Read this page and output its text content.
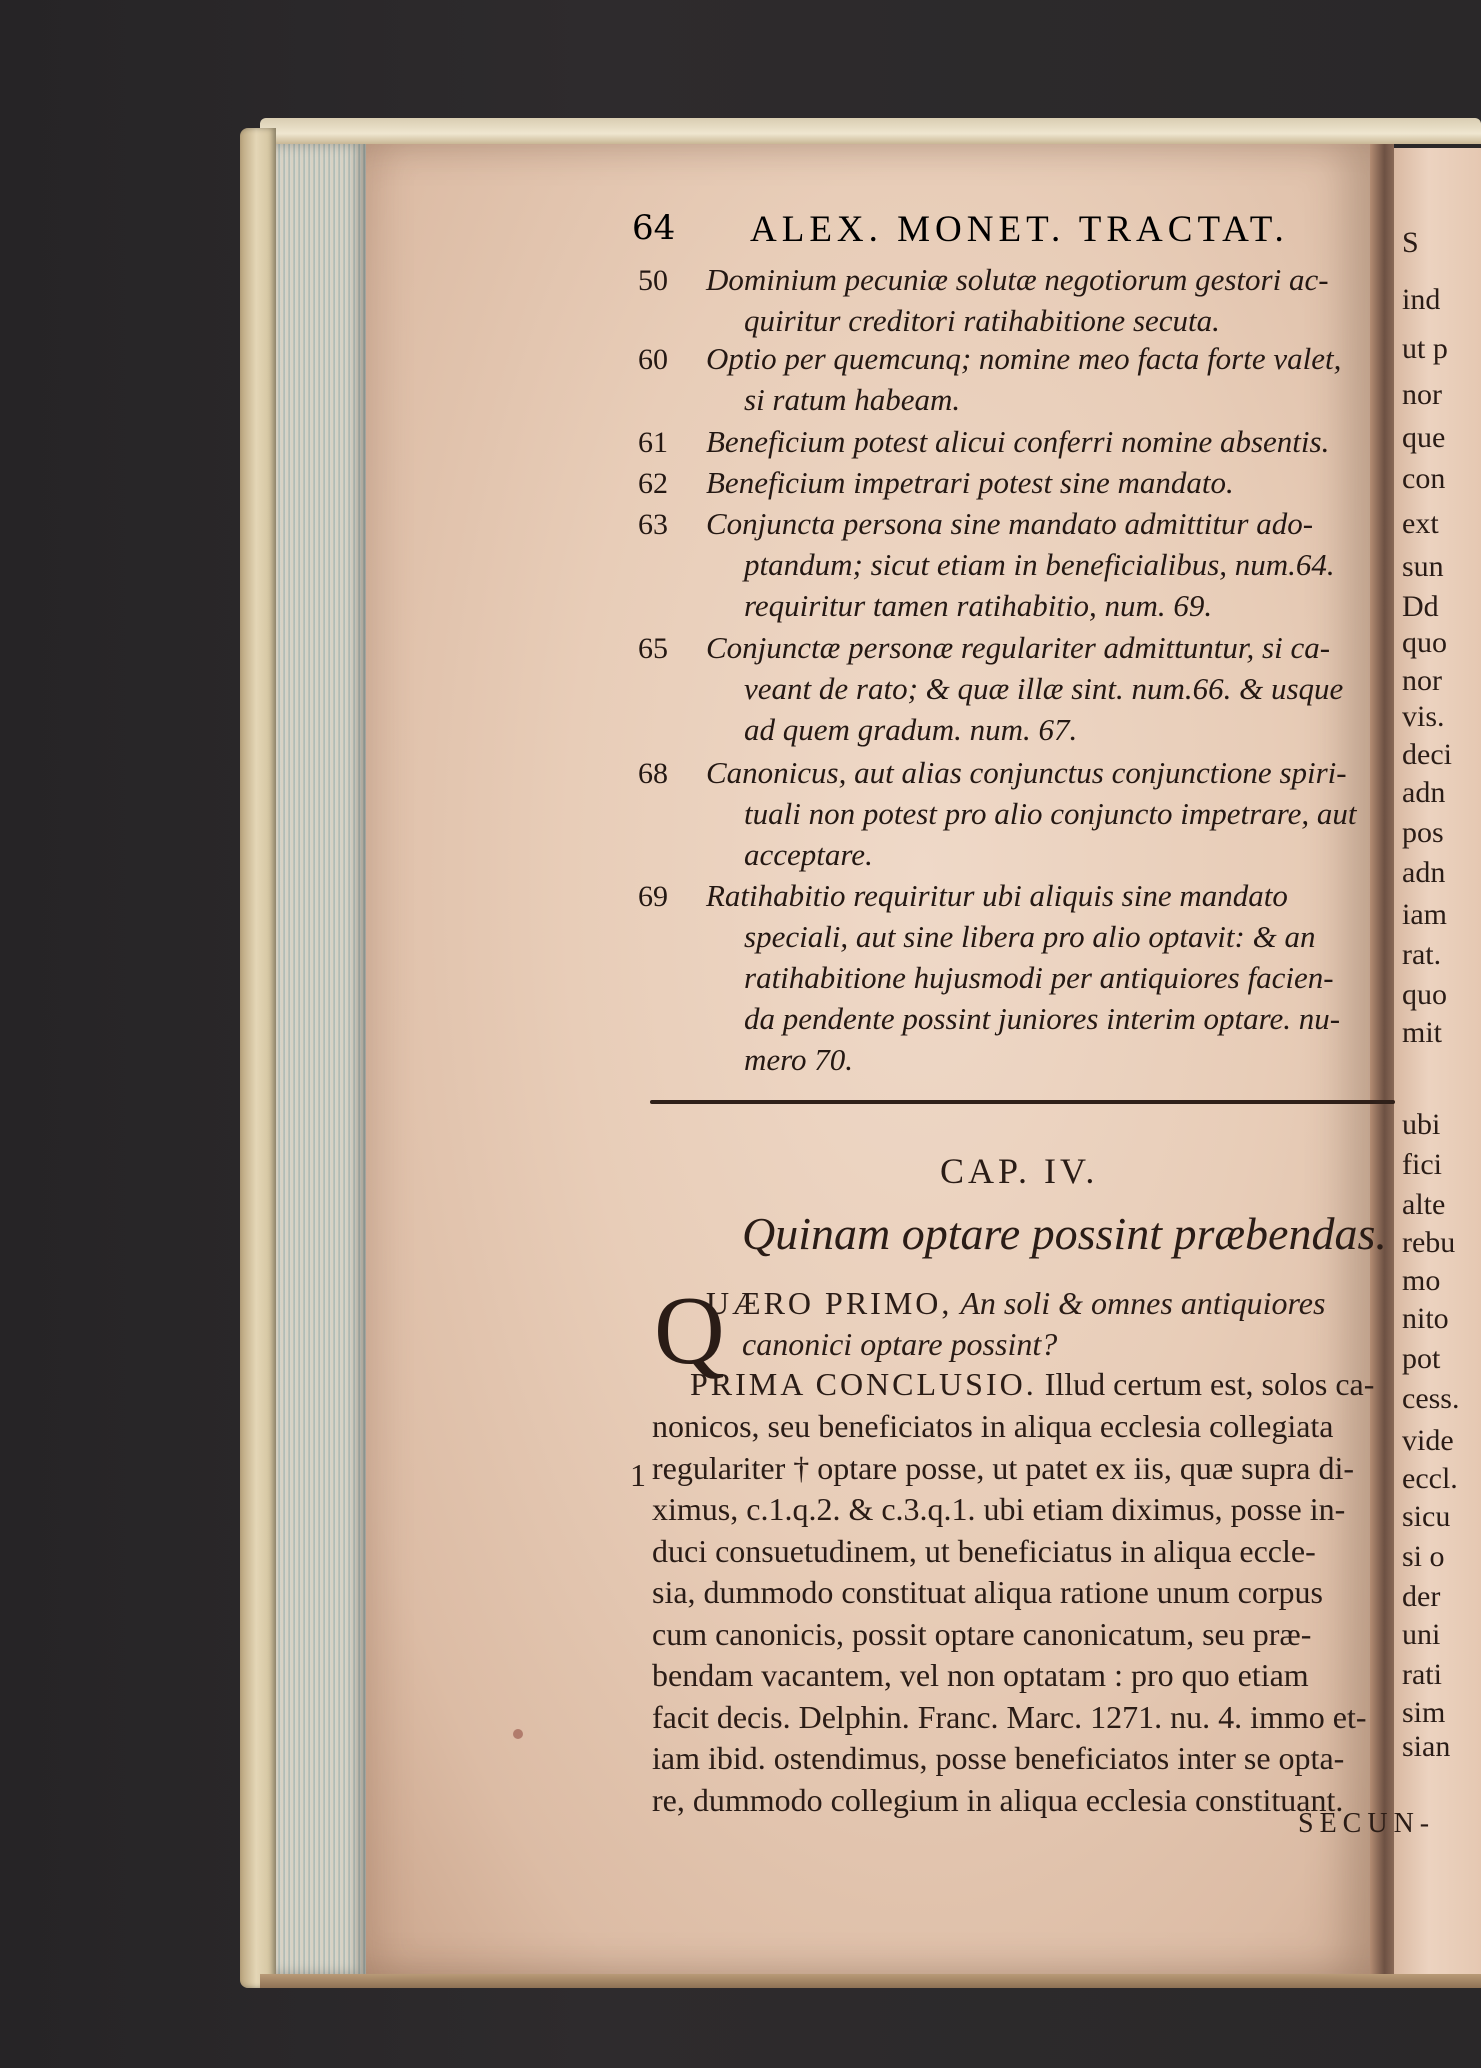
S
ind
ut p
nor
que
con
ext
sun
Dd
quo
nor
vis.
deci
adn
pos
adn
iam
rat.
quo
mit
ubi
fici
alte
rebu
mo
nito
pot
cess.
vide
eccl.
sicu
si o
der
uni
rati
sim
sian
64 ALEX. MONET. TRACTAT.
50 Dominium pecuniæ solutæ negotiorum gestori ac-
quiritur creditori ratihabitione secuta.
60 Optio per quemcunq; nomine meo facta forte valet,
si ratum habeam.
61 Beneficium potest alicui conferri nomine absentis.
62 Beneficium impetrari potest sine mandato.
63 Conjuncta persona sine mandato admittitur ado-
ptandum; sicut etiam in beneficialibus, num.64.
requiritur tamen ratihabitio, num. 69.
65 Conjunctæ personæ regulariter admittuntur, si ca-
veant de rato; & quæ illæ sint. num.66. & usque
ad quem gradum. num. 67.
68 Canonicus, aut alias conjunctus conjunctione spiri-
tuali non potest pro alio conjuncto impetrare, aut
acceptare.
69 Ratihabitio requiritur ubi aliquis sine mandato
speciali, aut sine libera pro alio optavit: & an
ratihabitione hujusmodi per antiquiores facien-
da pendente possint juniores interim optare. nu-
mero 70.
CAP. IV.
Quinam optare possint præbendas.
Q
UÆRO PRIMO, An soli & omnes antiquiores
canonici optare possint?
PRIMA CONCLUSIO. Illud certum est, solos ca-
1
nonicos, seu beneficiatos in aliqua ecclesia collegiata
regulariter † optare posse, ut patet ex iis, quæ supra di-
ximus, c.1.q.2. & c.3.q.1. ubi etiam diximus, posse in-
duci consuetudinem, ut beneficiatus in aliqua eccle-
sia, dummodo constituat aliqua ratione unum corpus
cum canonicis, possit optare canonicatum, seu præ-
bendam vacantem, vel non optatam : pro quo etiam
facit decis. Delphin. Franc. Marc. 1271. nu. 4. immo et-
iam ibid. ostendimus, posse beneficiatos inter se opta-
re, dummodo collegium in aliqua ecclesia constituant.
SECUN-
